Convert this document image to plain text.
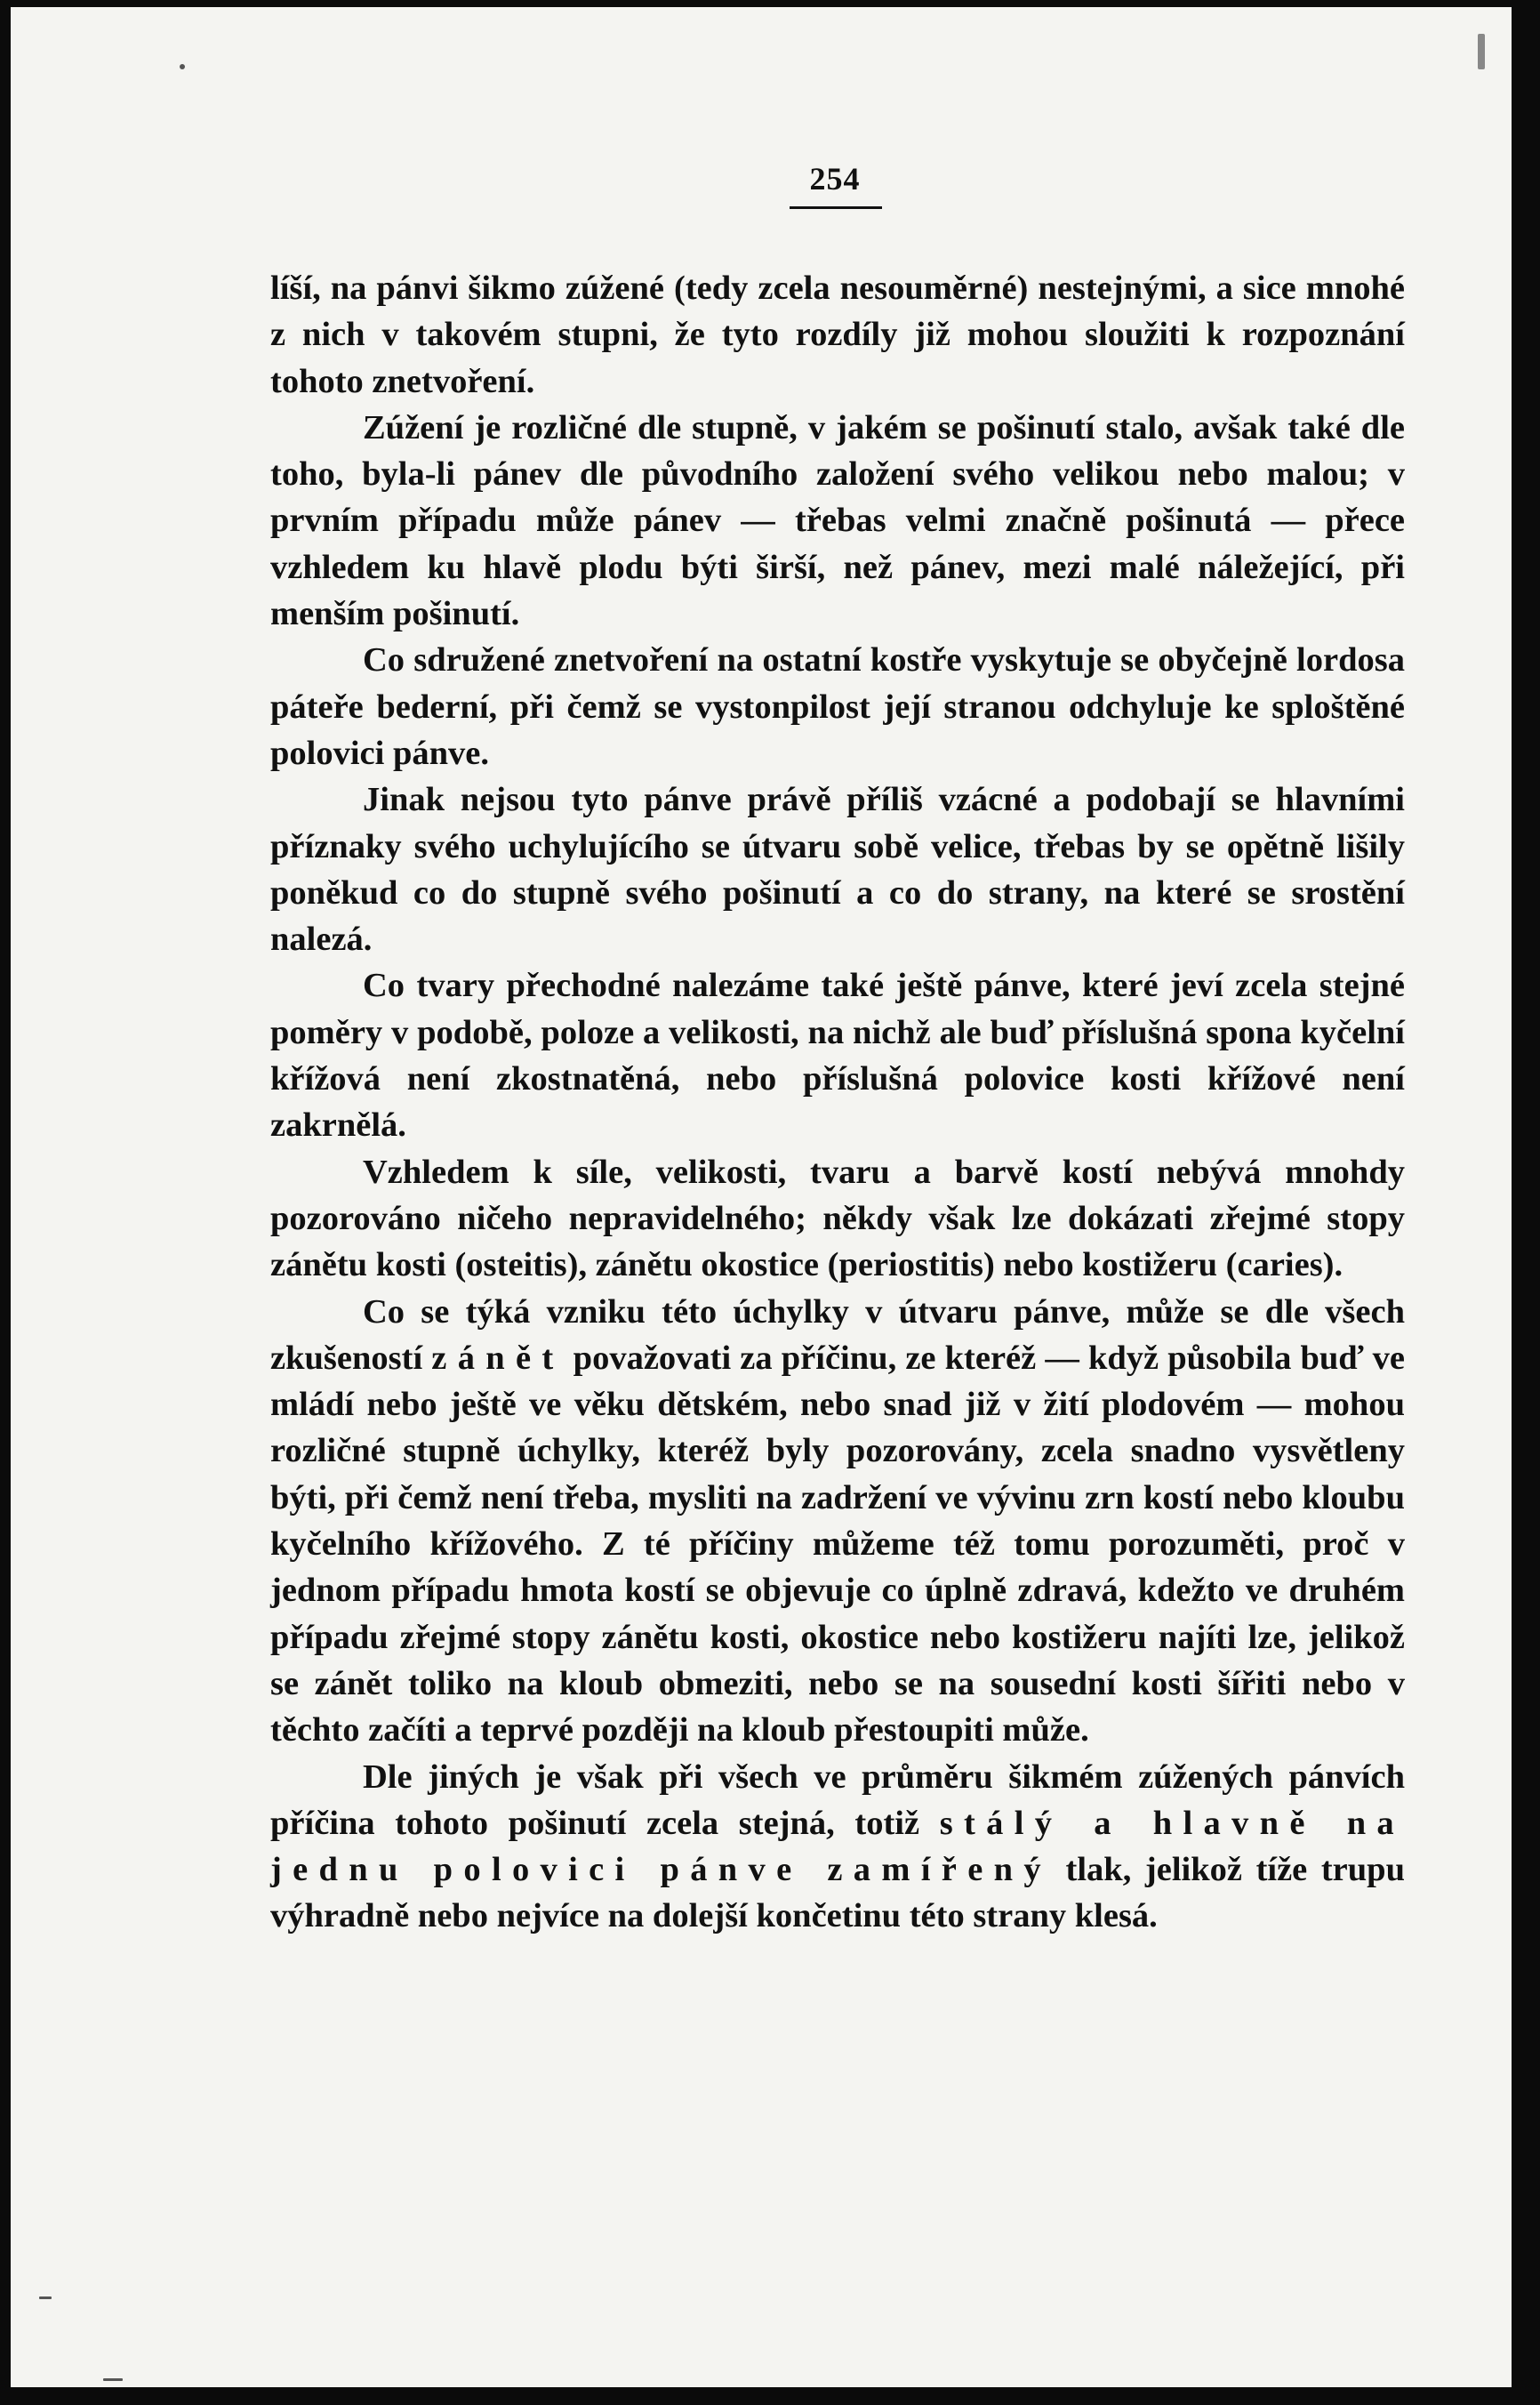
254

líší, na pánvi šikmo zúžené (tedy zcela nesouměrné) nestejnými, a sice mnohé z nich v takovém stupni, že tyto rozdíly již mohou sloužiti k rozpoznání tohoto znetvoření.

Zúžení je rozličné dle stupně, v jakém se pošinutí stalo, avšak také dle toho, byla-li pánev dle původního založení svého velikou nebo malou; v prvním případu může pánev — třebas velmi značně pošinutá — přece vzhledem ku hlavě plodu býti širší, než pánev, mezi malé náležející, při menším pošinutí.

Co sdružené znetvoření na ostatní kostře vyskytuje se obyčejně lordosa páteře bederní, při čemž se vystonpilost její stranou odchyluje ke sploštěné polovici pánve.

Jinak nejsou tyto pánve právě příliš vzácné a podobají se hlavními příznaky svého uchylujícího se útvaru sobě velice, třebas by se opětně lišily poněkud co do stupně svého pošinutí a co do strany, na které se srostění nalezá.

Co tvary přechodné nalezáme také ještě pánve, které jeví zcela stejné poměry v podobě, poloze a velikosti, na nichž ale buď příslušná spona kyčelní křížová není zkostnatěná, nebo příslušná polovice kosti křížové není zakrnělá.

Vzhledem k síle, velikosti, tvaru a barvě kostí nebývá mnohdy pozorováno ničeho nepravidelného; někdy však lze dokázati zřejmé stopy zánětu kosti (osteitis), zánětu okostice (periostitis) nebo kostižeru (caries).

Co se týká vzniku této úchylky v útvaru pánve, může se dle všech zkušeností zánět považovati za příčinu, ze kteréž — když působila buď ve mládí nebo ještě ve věku dětském, nebo snad již v žití plodovém — mohou rozličné stupně úchylky, kteréž byly pozorovány, zcela snadno vysvětleny býti, při čemž není třeba, mysliti na zadržení ve vývinu zrn kostí nebo kloubu kyčelního křížového. Z té příčiny můžeme též tomu porozuměti, proč v jednom případu hmota kostí se objevuje co úplně zdravá, kdežto ve druhém případu zřejmé stopy zánětu kosti, okostice nebo kostižeru najíti lze, jelikož se zánět toliko na kloub obmeziti, nebo se na sousední kosti šířiti nebo v těchto začíti a teprvé později na kloub přestoupiti může.

Dle jiných je však při všech ve průměru šikmém zúžených pánvích příčina tohoto pošinutí zcela stejná, totiž stálý a hlavně na jednu polovici pánve zamířený tlak, jelikož tíže trupu výhradně nebo nejvíce na dolejší končetinu této strany klesá.
